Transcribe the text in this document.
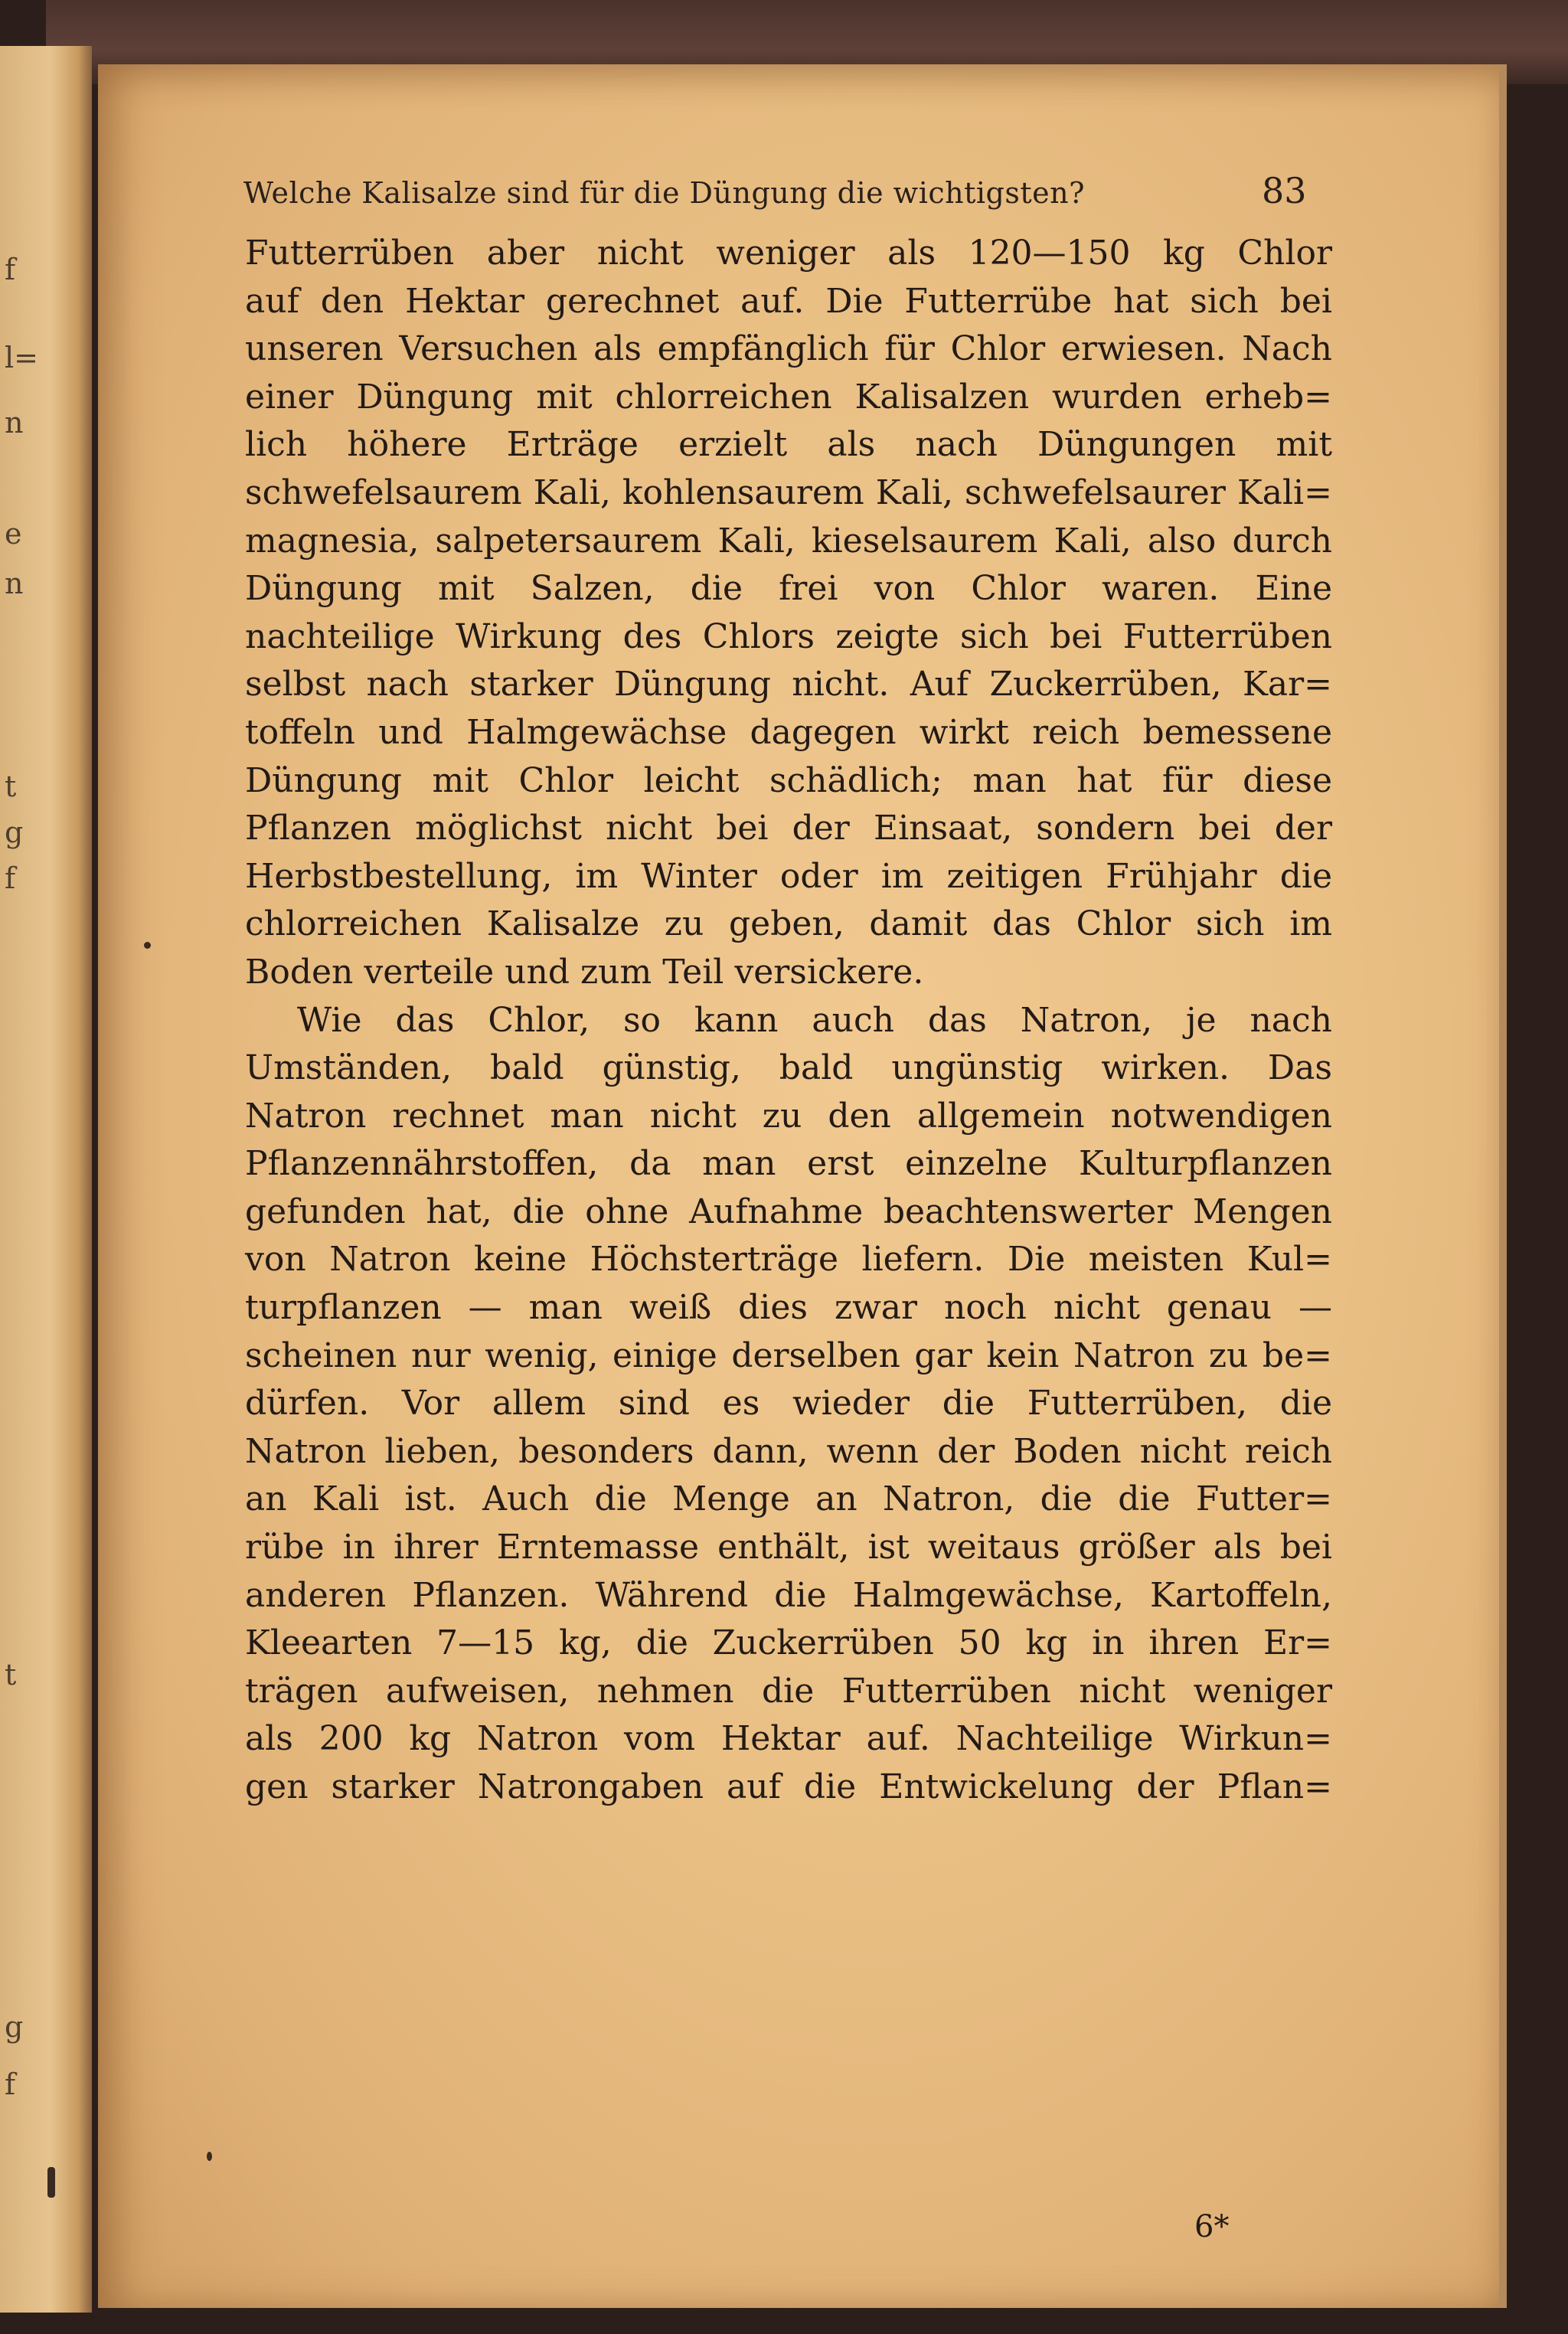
f
l=
n
e
n
t
g
f
t
g
f
Welche Kalisalze sind für die Düngung die wichtigsten?	83
Futterrüben aber nicht weniger als 120—150 kg Chlor
auf den Hektar gerechnet auf. Die Futterrübe hat sich bei
unseren Versuchen als empfänglich für Chlor erwiesen. Nach
einer Düngung mit chlorreichen Kalisalzen wurden erheb=
lich höhere Erträge erzielt als nach Düngungen mit
schwefelsaurem Kali, kohlensaurem Kali, schwefelsaurer Kali=
magnesia, salpetersaurem Kali, kieselsaurem Kali, also durch
Düngung mit Salzen, die frei von Chlor waren. Eine
nachteilige Wirkung des Chlors zeigte sich bei Futterrüben
selbst nach starker Düngung nicht. Auf Zuckerrüben, Kar=
toffeln und Halmgewächse dagegen wirkt reich bemessene
Düngung mit Chlor leicht schädlich; man hat für diese
Pflanzen möglichst nicht bei der Einsaat, sondern bei der
Herbstbestellung, im Winter oder im zeitigen Frühjahr die
chlorreichen Kalisalze zu geben, damit das Chlor sich im
Boden verteile und zum Teil versickere.
Wie das Chlor, so kann auch das Natron, je nach
Umständen, bald günstig, bald ungünstig wirken. Das
Natron rechnet man nicht zu den allgemein notwendigen
Pflanzennährstoffen, da man erst einzelne Kulturpflanzen
gefunden hat, die ohne Aufnahme beachtenswerter Mengen
von Natron keine Höchsterträge liefern. Die meisten Kul=
turpflanzen — man weiß dies zwar noch nicht genau —
scheinen nur wenig, einige derselben gar kein Natron zu be=
dürfen. Vor allem sind es wieder die Futterrüben, die
Natron lieben, besonders dann, wenn der Boden nicht reich
an Kali ist. Auch die Menge an Natron, die die Futter=
rübe in ihrer Erntemasse enthält, ist weitaus größer als bei
anderen Pflanzen. Während die Halmgewächse, Kartoffeln,
Kleearten 7—15 kg, die Zuckerrüben 50 kg in ihren Er=
trägen aufweisen, nehmen die Futterrüben nicht weniger
als 200 kg Natron vom Hektar auf. Nachteilige Wirkun=
gen starker Natrongaben auf die Entwickelung der Pflan=
6*
